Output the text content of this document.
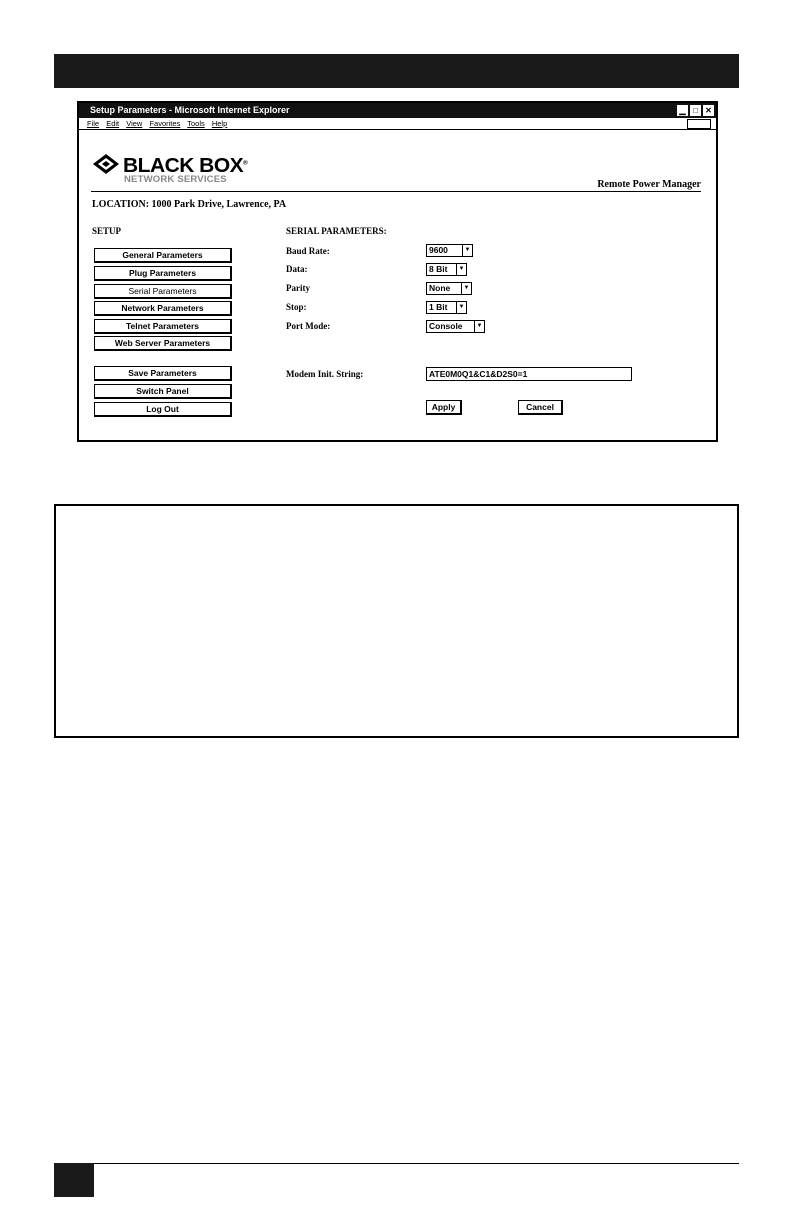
Setup Parameters - Microsoft Internet Explorer	▁ □ ✕
File Edit View Favorites Tools Help
BLACK BOX®
NETWORK SERVICES	Remote Power Manager
LOCATION: 1000 Park Drive, Lawrence, PA
SETUP
General Parameters
Plug Parameters
Serial Parameters
Network Parameters
Telnet Parameters
Web Server Parameters
Save Parameters
Switch Panel
Log Out
SERIAL PARAMETERS:
Baud Rate:	9600	▼
Data:	8 Bit	▼
Parity	None	▼
Stop:	1 Bit	▼
Port Mode:	Console	▼
Modem Init. String:	ATE0M0Q1&C1&D2S0=1
Apply	Cancel
